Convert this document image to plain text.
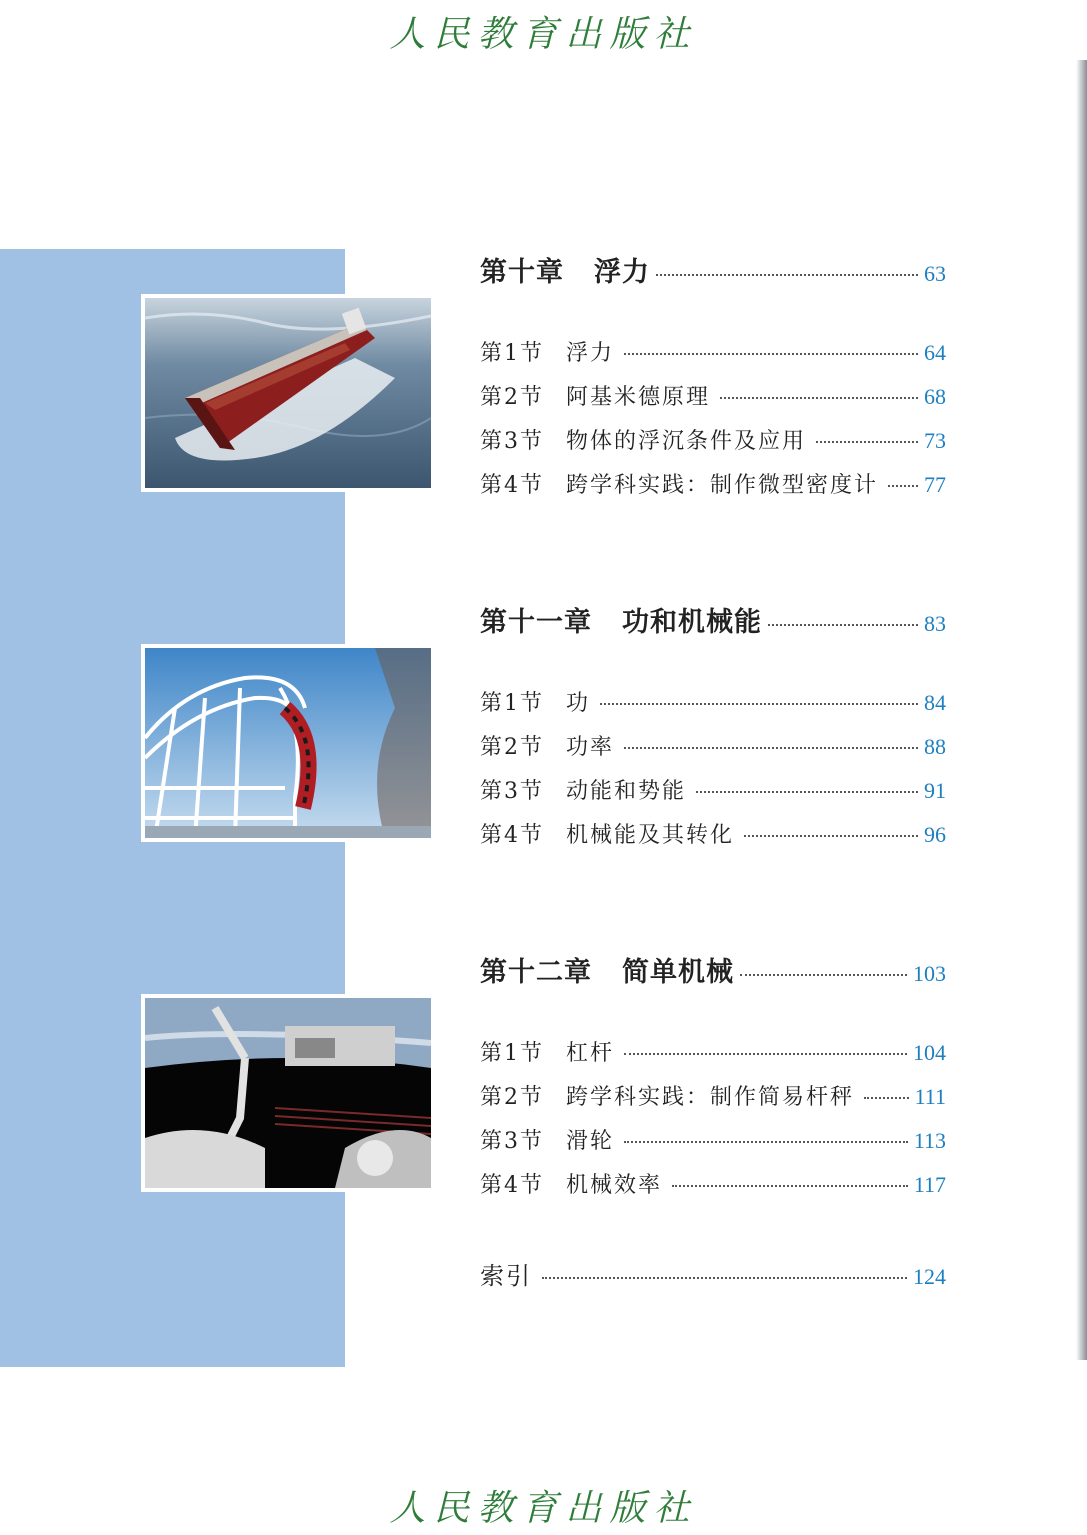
人民教育出版社
第十章 浮力	63
第1节 浮力	64
第2节 阿基米德原理	68
第3节 物体的浮沉条件及应用	73
第4节 跨学科实践：制作微型密度计 77
第十一章 功和机械能	83
第1节 功	84
第2节 功率	88
第3节 动能和势能	91
第4节 机械能及其转化	96
第十二章 简单机械	103
第1节 杠杆	104
第2节 跨学科实践：制作简易杆秤	111
第3节 滑轮	113
第4节 机械效率	117
索引	124
人民教育出版社
